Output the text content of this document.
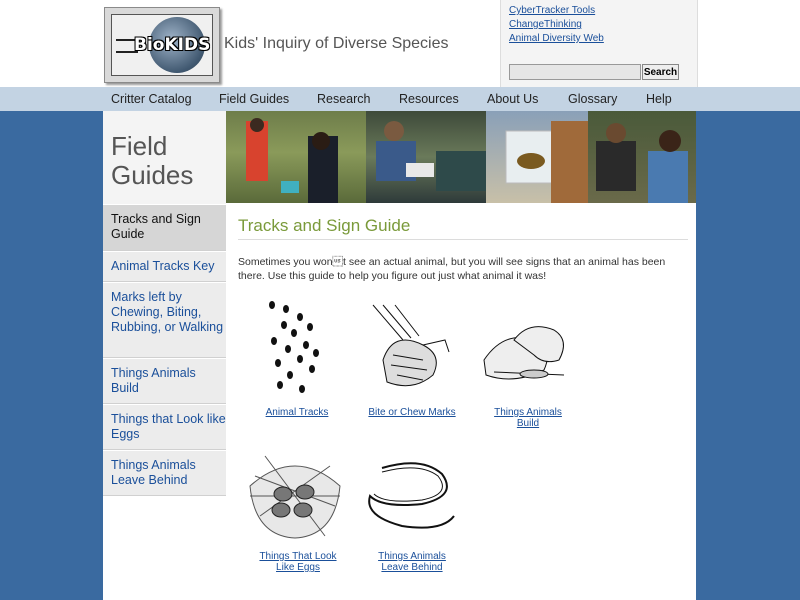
BioKIDS Kids' Inquiry of Diverse Species
CyberTracker Tools
ChangeThinking
Animal Diversity Web
Search
Critter Catalog Field Guides Research Resources About Us Glossary Help
Field Guides
Tracks and Sign Guide
Animal Tracks Key
Marks left by Chewing, Biting, Rubbing, or Walking
Things Animals Build
Things that Look like Eggs
Things Animals Leave Behind
Tracks and Sign Guide
Sometimes you wont see an actual animal, but you will see signs that an animal has been there. Use this guide to help you figure out just what animal it was!
Animal Tracks	Bite or Chew Marks	Things Animals Build
Things That Look Like Eggs
Things Animals Leave Behind
